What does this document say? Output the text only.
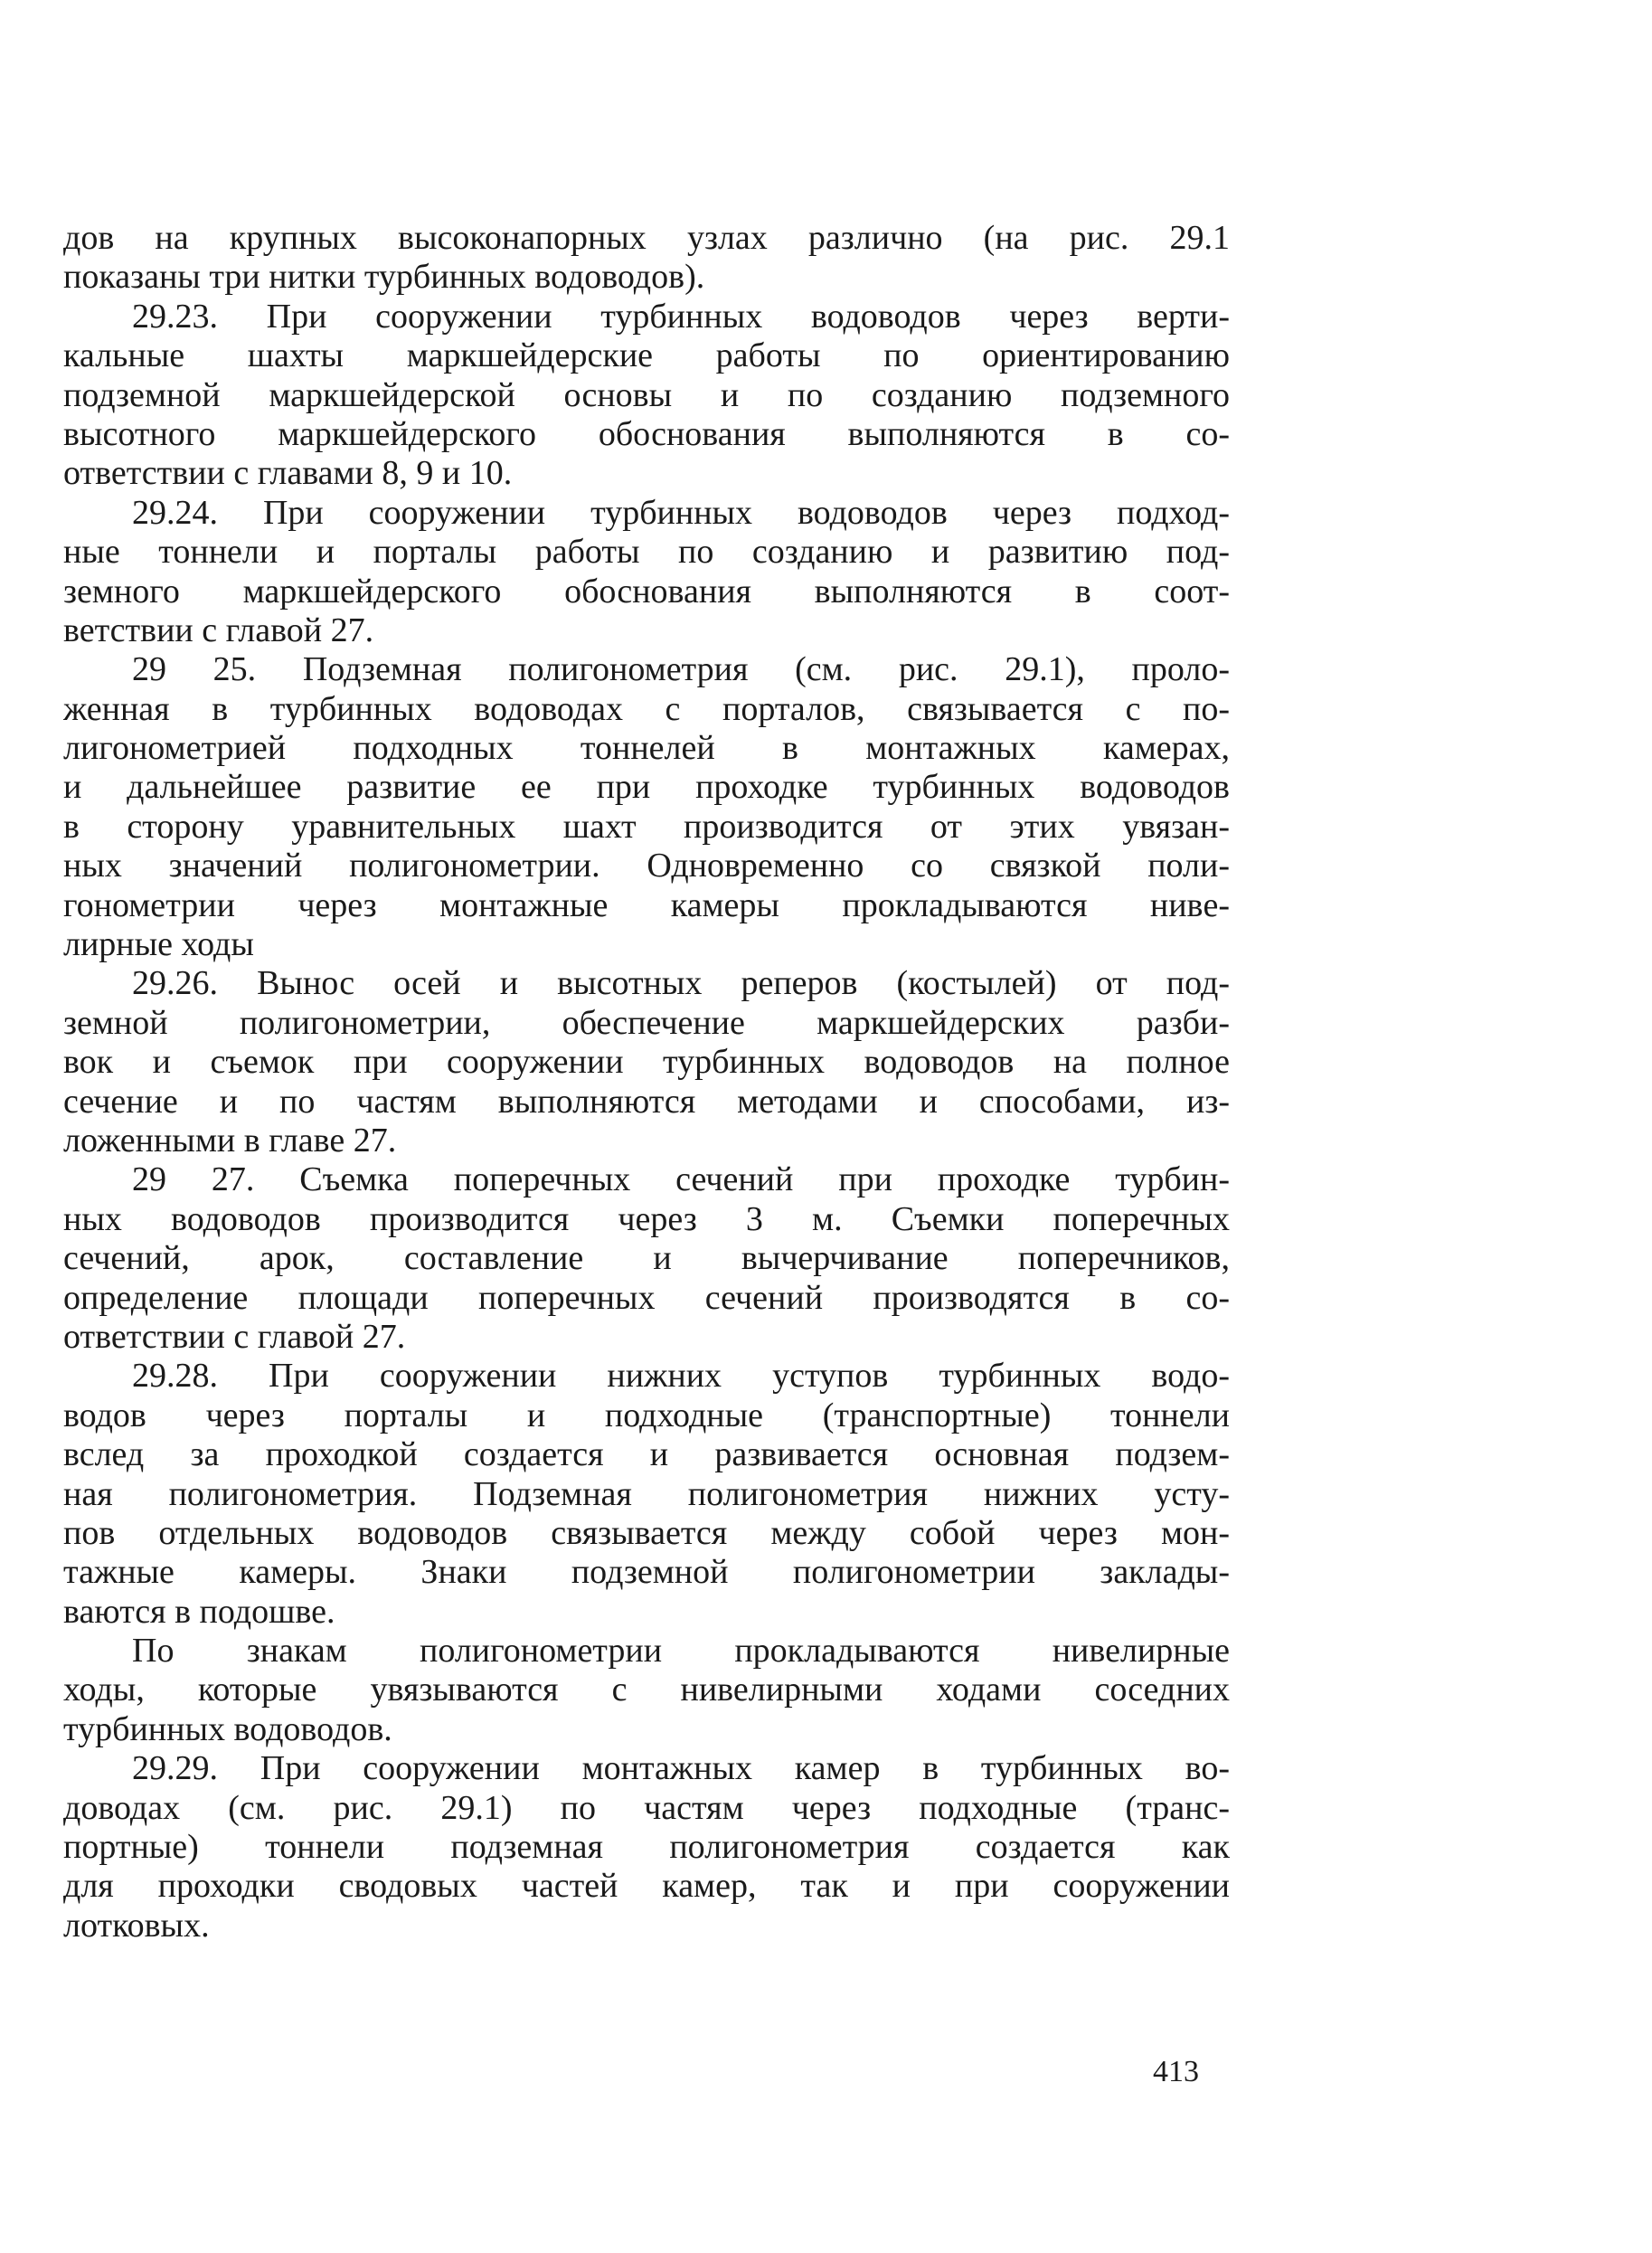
дов на крупных высоконапорных узлах различно (на рис. 29.1
показаны три нитки турбинных водоводов).
29.23. При сооружении турбинных водоводов через верти-
кальные шахты маркшейдерские работы по ориентированию
подземной маркшейдерской основы и по созданию подземного
высотного маркшейдерского обоснования выполняются в со-
ответствии с главами 8, 9 и 10.
29.24. При сооружении турбинных водоводов через подход-
ные тоннели и порталы работы по созданию и развитию под-
земного маркшейдерского обоснования выполняются в соот-
ветствии с главой 27.
29 25. Подземная полигонометрия (см. рис. 29.1), проло-
женная в турбинных водоводах с порталов, связывается с по-
лигонометрией подходных тоннелей в монтажных камерах,
и дальнейшее развитие ее при проходке турбинных водоводов
в сторону уравнительных шахт производится от этих увязан-
ных значений полигонометрии. Одновременно со связкой поли-
гонометрии через монтажные камеры прокладываются нивe-
лирные ходы
29.26. Вынос осей и высотных реперов (костылей) от под-
земной полигонометрии, обеспечение маркшейдерских разби-
вок и съемок при сооружении турбинных водоводов на полное
сечение и по частям выполняются методами и способами, из-
ложенными в главе 27.
29 27. Съемка поперечных сечений при проходке турбин-
ных водоводов производится через 3 м. Съемки поперечных
сечений, арок, составление и вычерчивание поперечников,
определение площади поперечных сечений производятся в со-
ответствии с главой 27.
29.28. При сооружении нижних уступов турбинных водо-
водов через порталы и подходные (транспортные) тоннели
вслед за проходкой создается и развивается основная подзем-
ная полигонометрия. Подземная полигонометрия нижних усту-
пов отдельных водоводов связывается между собой через мон-
тажные камеры. Знаки подземной полигонометрии заклады-
ваются в подошве.
По знакам полигонометрии прокладываются нивелирные
ходы, которые увязываются с нивелирными ходами соседних
турбинных водоводов.
29.29. При сооружении монтажных камер в турбинных во-
доводах (см. рис. 29.1) по частям через подходные (транс-
портные) тоннели подземная полигонометрия создается как
для проходки сводовых частей камер, так и при сооружении
лотковых.
413
